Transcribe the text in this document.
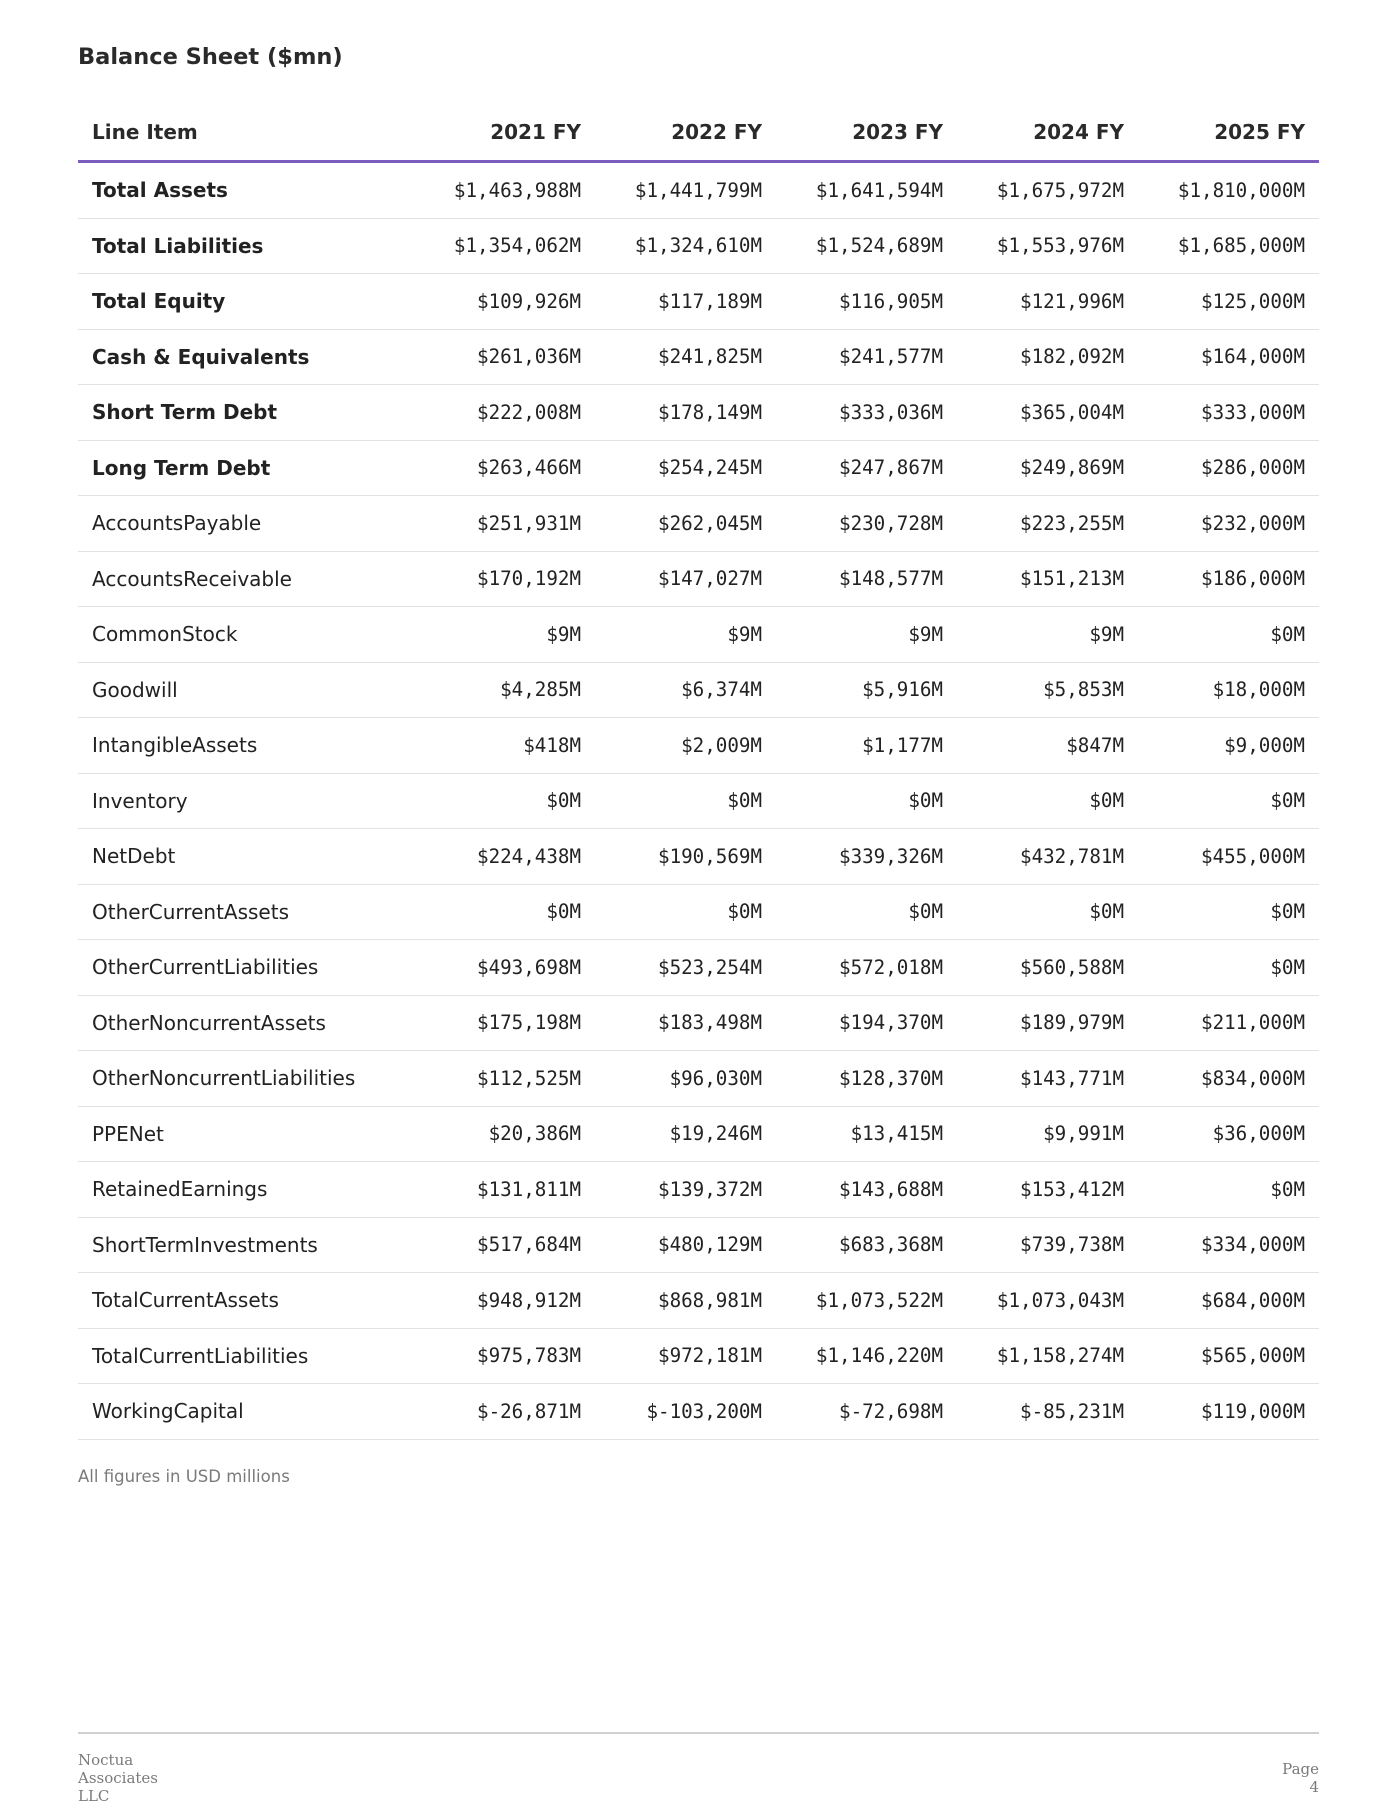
Balance Sheet ($mn)
Line Item	2021 FY	2022 FY	2023 FY	2024 FY	2025 FY
Total Assets	$1,463,988M	$1,441,799M	$1,641,594M	$1,675,972M	$1,810,000M
Total Liabilities	$1,354,062M	$1,324,610M	$1,524,689M	$1,553,976M	$1,685,000M
Total Equity	$109,926M	$117,189M	$116,905M	$121,996M	$125,000M
Cash & Equivalents	$261,036M	$241,825M	$241,577M	$182,092M	$164,000M
Short Term Debt	$222,008M	$178,149M	$333,036M	$365,004M	$333,000M
Long Term Debt	$263,466M	$254,245M	$247,867M	$249,869M	$286,000M
AccountsPayable	$251,931M	$262,045M	$230,728M	$223,255M	$232,000M
AccountsReceivable	$170,192M	$147,027M	$148,577M	$151,213M	$186,000M
CommonStock	$9M	$9M	$9M	$9M	$0M
Goodwill	$4,285M	$6,374M	$5,916M	$5,853M	$18,000M
IntangibleAssets	$418M	$2,009M	$1,177M	$847M	$9,000M
Inventory	$0M	$0M	$0M	$0M	$0M
NetDebt	$224,438M	$190,569M	$339,326M	$432,781M	$455,000M
OtherCurrentAssets	$0M	$0M	$0M	$0M	$0M
OtherCurrentLiabilities	$493,698M	$523,254M	$572,018M	$560,588M	$0M
OtherNoncurrentAssets	$175,198M	$183,498M	$194,370M	$189,979M	$211,000M
OtherNoncurrentLiabilities	$112,525M	$96,030M	$128,370M	$143,771M	$834,000M
PPENet	$20,386M	$19,246M	$13,415M	$9,991M	$36,000M
RetainedEarnings	$131,811M	$139,372M	$143,688M	$153,412M	$0M
ShortTermInvestments	$517,684M	$480,129M	$683,368M	$739,738M	$334,000M
TotalCurrentAssets	$948,912M	$868,981M	$1,073,522M	$1,073,043M	$684,000M
TotalCurrentLiabilities	$975,783M	$972,181M	$1,146,220M	$1,158,274M	$565,000M
WorkingCapital	$-26,871M	$-103,200M	$-72,698M	$-85,231M	$119,000M
All figures in USD millions
Noctua
Associates
LLC
Page
4
